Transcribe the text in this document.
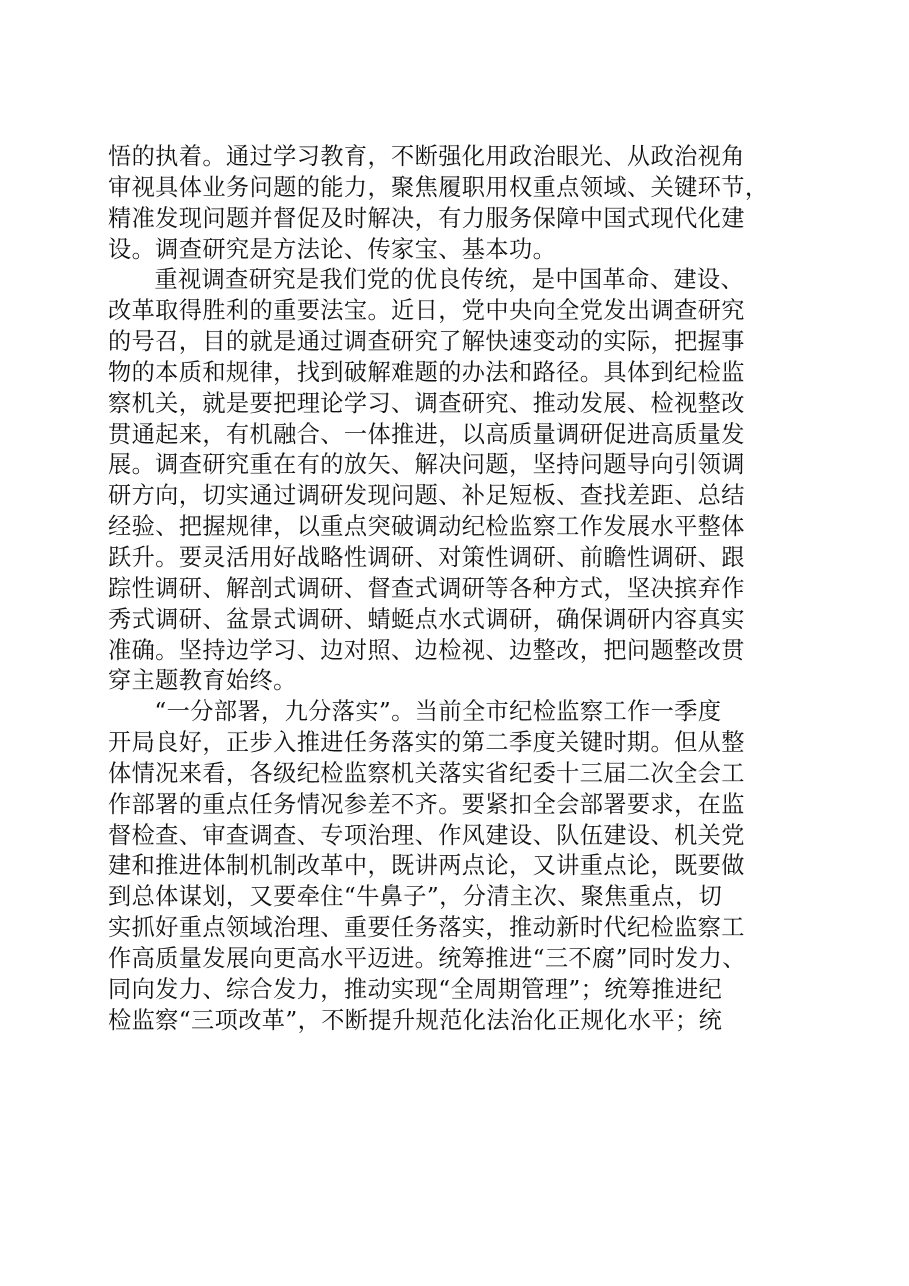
悟的执着。通过学习教育，不断强化用政治眼光、从政治视角
审视具体业务问题的能力，聚焦履职用权重点领域、关键环节，
精准发现问题并督促及时解决，有力服务保障中国式现代化建
设。调查研究是方法论、传家宝、基本功。

重视调查研究是我们党的优良传统，是中国革命、建设、
改革取得胜利的重要法宝。近日，党中央向全党发出调查研究
的号召，目的就是通过调查研究了解快速变动的实际，把握事
物的本质和规律，找到破解难题的办法和路径。具体到纪检监
察机关，就是要把理论学习、调查研究、推动发展、检视整改
贯通起来，有机融合、一体推进，以高质量调研促进高质量发
展。调查研究重在有的放矢、解决问题，坚持问题导向引领调
研方向，切实通过调研发现问题、补足短板、查找差距、总结
经验、把握规律，以重点突破调动纪检监察工作发展水平整体
跃升。要灵活用好战略性调研、对策性调研、前瞻性调研、跟
踪性调研、解剖式调研、督查式调研等各种方式，坚决摈弃作
秀式调研、盆景式调研、蜻蜓点水式调研，确保调研内容真实
准确。坚持边学习、边对照、边检视、边整改，把问题整改贯
穿主题教育始终。

“一分部署，九分落实”。当前全市纪检监察工作一季度
开局良好，正步入推进任务落实的第二季度关键时期。但从整
体情况来看，各级纪检监察机关落实省纪委十三届二次全会工
作部署的重点任务情况参差不齐。要紧扣全会部署要求，在监
督检查、审查调查、专项治理、作风建设、队伍建设、机关党
建和推进体制机制改革中，既讲两点论，又讲重点论，既要做
到总体谋划，又要牵住“牛鼻子”，分清主次、聚焦重点，切
实抓好重点领域治理、重要任务落实，推动新时代纪检监察工
作高质量发展向更高水平迈进。统筹推进“三不腐”同时发力、
同向发力、综合发力，推动实现“全周期管理”；统筹推进纪
检监察“三项改革”，不断提升规范化法治化正规化水平；统
